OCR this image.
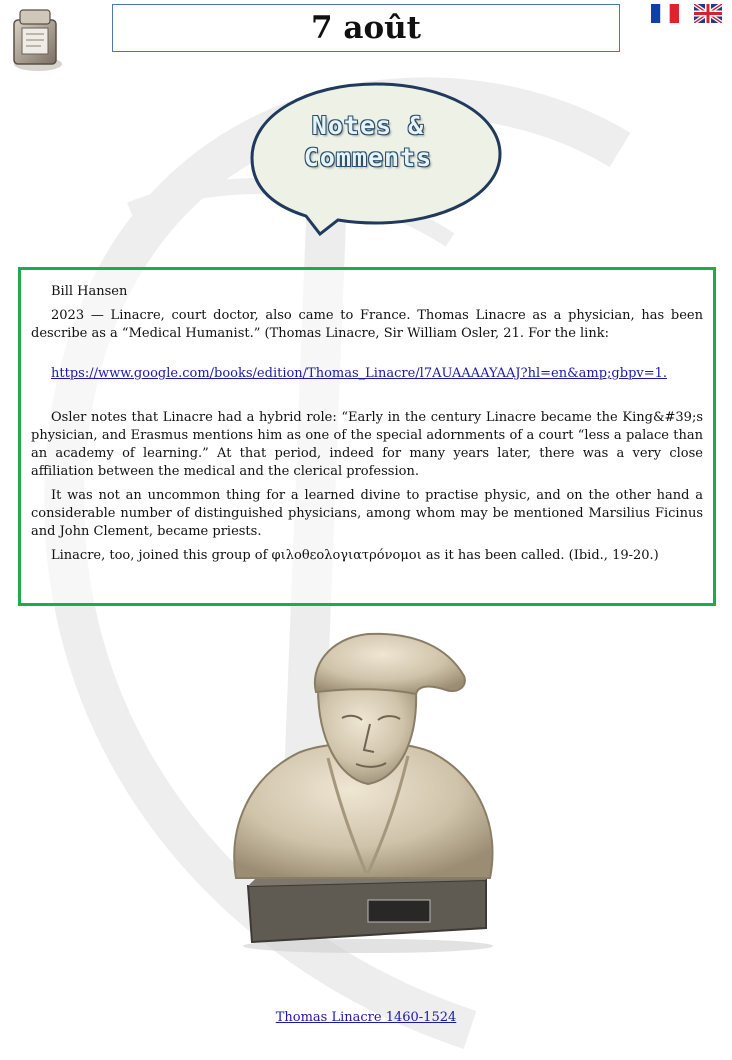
7 août
Notes &
Comments

Bill Hansen

2023 — Linacre, court doctor, also came to France. Thomas Linacre as a physician, has been describe as a “Medical Humanist.” (Thomas Linacre, Sir William Osler, 21. For the link:

https://www.google.com/books/edition/Thomas_Linacre/l7AUAAAAYAAJ?hl=en&amp;gbpv=1.

Osler notes that Linacre had a hybrid role: “Early in the century Linacre became the King&#39;s physician, and Erasmus mentions him as one of the special adornments of a court “less a palace than an academy of learning.” At that period, indeed for many years later, there was a very close affiliation between the medical and the clerical profession.

It was not an uncommon thing for a learned divine to practise physic, and on the other hand a considerable number of distinguished physicians, among whom may be mentioned Marsilius Ficinus and John Clement, became priests.

Linacre, too, joined this group of φιλοθεολογιατρόνομοι as it has been called. (Ibid., 19-20.)

Thomas Linacre 1460-1524
